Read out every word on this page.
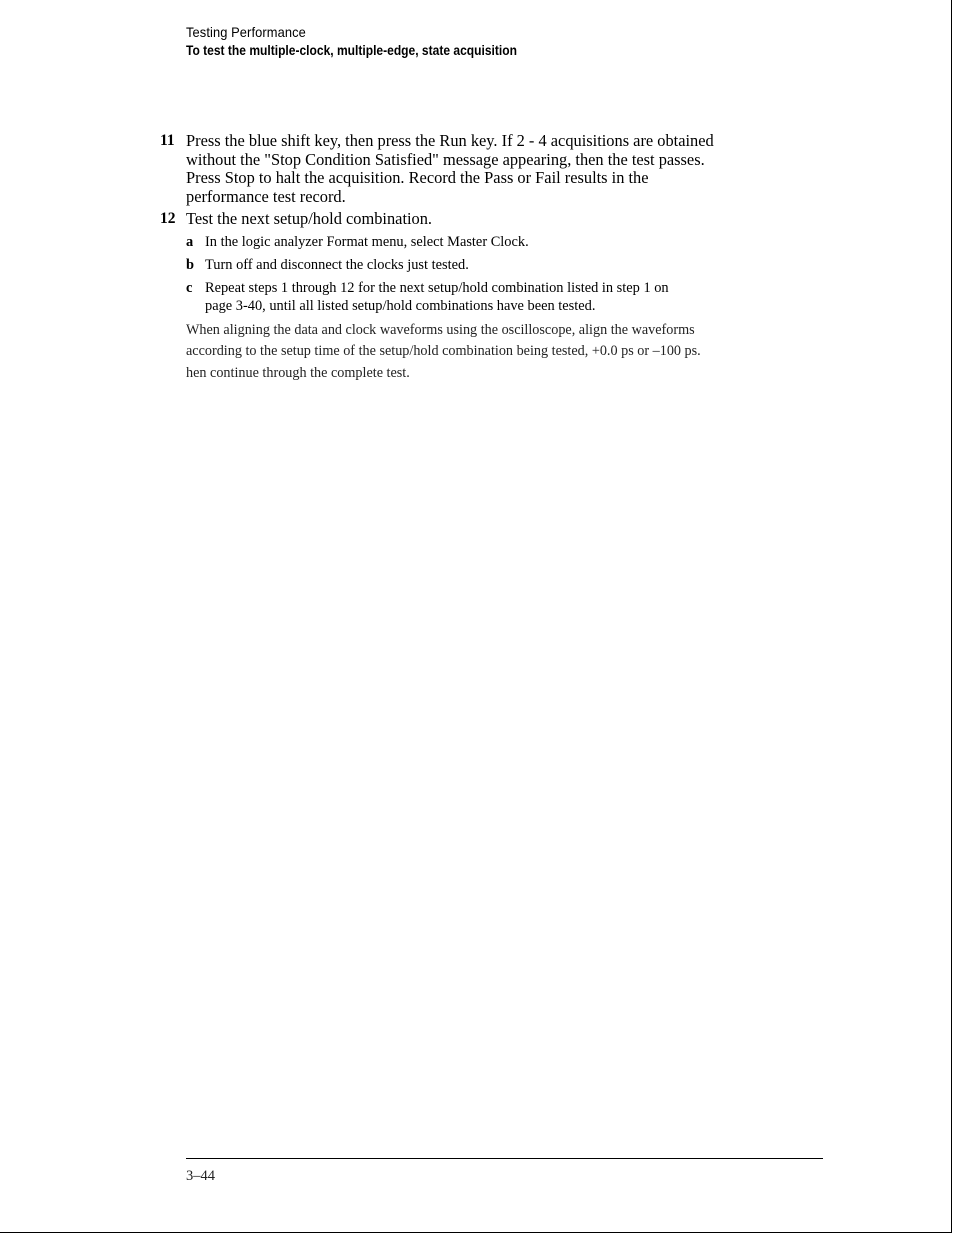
Testing Performance
To test the multiple-clock, multiple-edge, state acquisition
11 Press the blue shift key, then press the Run key. If 2 - 4 acquisitions are obtained
without the "Stop Condition Satisfied" message appearing, then the test passes.
Press Stop to halt the acquisition. Record the Pass or Fail results in the
performance test record.
12 Test the next setup/hold combination.
a In the logic analyzer Format menu, select Master Clock.
b Turn off and disconnect the clocks just tested.
c Repeat steps 1 through 12 for the next setup/hold combination listed in step 1 on
page 3-40, until all listed setup/hold combinations have been tested.
When aligning the data and clock waveforms using the oscilloscope, align the waveforms
according to the setup time of the setup/hold combination being tested, +0.0 ps or –100 ps.
hen continue through the complete test.
3–44
